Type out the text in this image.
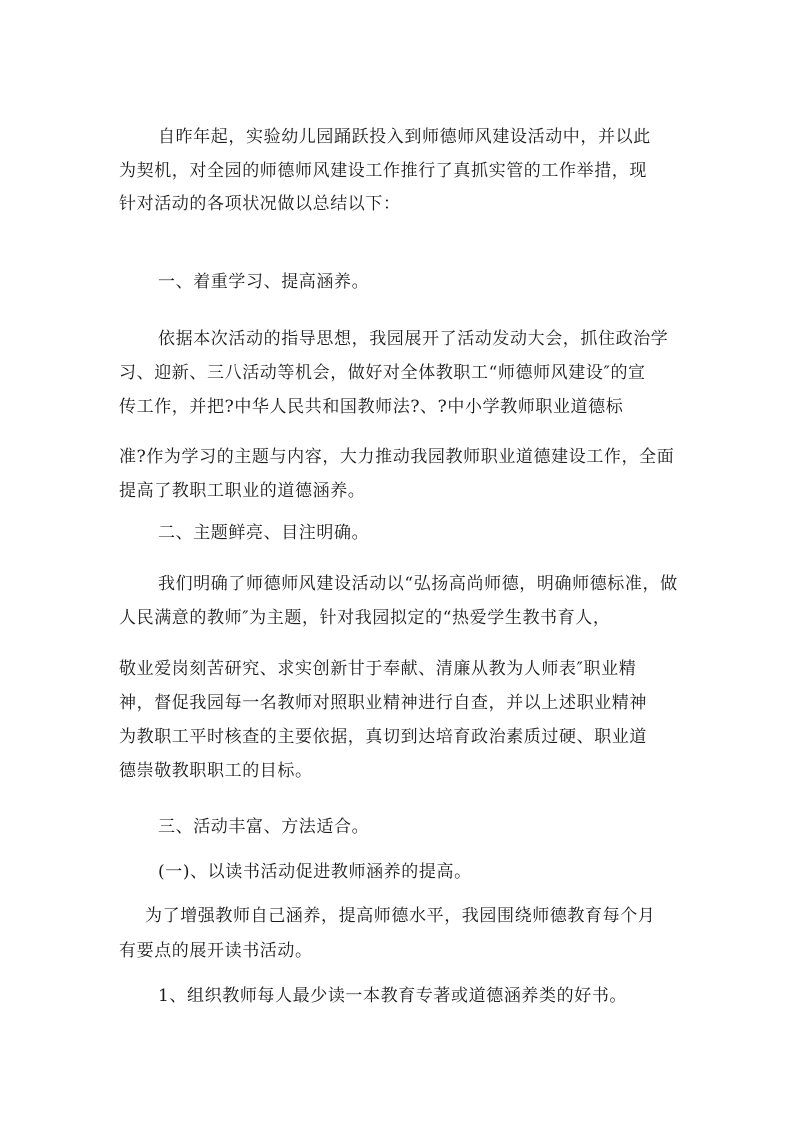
自昨年起，实验幼儿园踊跃投入到师德师风建设活动中，并以此
为契机，对全园的师德师风建设工作推行了真抓实管的工作举措，现
针对活动的各项状况做以总结以下：
一、着重学习、提高涵养。
依据本次活动的指导思想，我园展开了活动发动大会，抓住政治学
习、迎新、三八活动等机会，做好对全体教职工“师德师风建设″的宣
传工作，并把?中华人民共和国教师法?、?中小学教师职业道德标
准?作为学习的主题与内容，大力推动我园教师职业道德建设工作，全面
提高了教职工职业的道德涵养。
二、主题鲜亮、目注明确。
我们明确了师德师风建设活动以“弘扬高尚师德，明确师德标准，做
人民满意的教师″为主题，针对我园拟定的“热爱学生教书育人，
敬业爱岗刻苦研究、求实创新甘于奉献、清廉从教为人师表″职业精
神，督促我园每一名教师对照职业精神进行自查，并以上述职业精神
为教职工平时核查的主要依据，真切到达培育政治素质过硬、职业道
德崇敬教职职工的目标。
三、活动丰富、方法适合。
(一)、以读书活动促进教师涵养的提高。
为了增强教师自己涵养，提高师德水平，我园围绕师德教育每个月
有要点的展开读书活动。
1、组织教师每人最少读一本教育专著或道德涵养类的好书。
